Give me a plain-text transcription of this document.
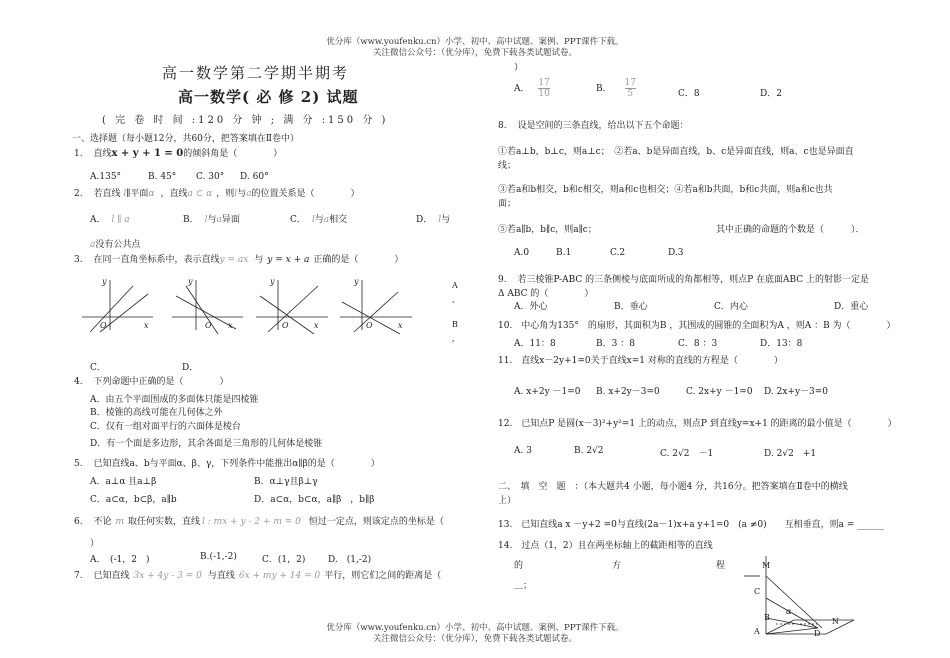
优分库（www.youfenku.cn）小学、初中、高中试题、案例、PPT课件下载。
关注微信公众号：（优分库），免费下载各类试题试卷。
优分库（www.youfenku.cn）小学、初中、高中试题、案例、PPT课件下载。
关注微信公众号：（优分库），免费下载各类试题试卷。
高一数学第二学期半期考
高一数学( 必 修 2) 试题
( 完 卷 时 间 :120 分 钟 ; 满 分 :150 分 )
一、选择题（每小题12分，共60分，把答案填在Ⅱ卷中）
1. 直线x + y + 1 = 0的倾斜角是（　　　　）
A.135°	B. 45° C. 30° D. 60°
2. 若直线 l∥平面α ，直线a ⊂ α ，则l与a的位置关系是（　　　　）
A． l ∥ a	B． l与a异面	C． l与a相交	D． l与
a没有公共点
3. 在同一直角坐标系中，表示直线y = ax 与 y = x + a 正确的是（　　　　）
y
x
O
y
x
O
y
x
O
y
x
O
A
,
B
,
C．	D．
4. 下列命题中正确的是（　　　　）
A．由五个平面围成的多面体只能是四棱锥
B．棱锥的高线可能在几何体之外
C．仅有一组对面平行的六面体是棱台
D．有一个面是多边形，其余各面是三角形的几何体是棱锥
5. 已知直线a、b与平面α、β、γ，下列条件中能推出α∥β的是（　　　　）
A．a⊥α 且a⊥β	B．α⊥γ且β⊥γ
C．a⊂α，b⊂β，a∥b	D．a⊂α，b⊂α，a∥β　，b∥β
6. 不论 m 取任何实数，直线 l : mx + y - 2 + m = 0 恒过一定点，则该定点的坐标是（
）
A．　(-1，2　)	B.(-1,-2)	C．(1，2)	D.　(1,-2)
7. 已知直线 3x + 4y - 3 = 0 与直线 6x + my + 14 = 0 平行，则它们之间的距离是（
）
A． $\frac{17}{10}$	B． $\frac{17}{5}$	C．8	D．2
8. 设是空间的三条直线，给出以下五个命题：
①若a⊥b，b⊥c，则a⊥c；　②若a、b是异面直线，b、c是异面直线，则a、c也是异面直
线；
③若a和b相交，b和c相交，则a和c也相交；④若a和b共面，b和c共面，则a和c也共
面；
⑤若a∥b，b∥c，则a∥c；	其中正确的命题的个数是（　　　）．
A.0	B.1	C.2	D.3
9. 若三棱锥P-ABC 的三条侧棱与底面所成的角都相等，则点P 在底面ABC 上的射影一定是
Δ ABC 的（　　　　）
A．外心	B．垂心	C．内心	D．重心
10. 中心角为135°　的扇形，其面积为B ，其围成的圆锥的全面积为A ，则A ：B 为（　　　　）
A．11：8	B．3 ：8	C．8 ：3	D．13：8
11. 直线x－2y+1=0关于直线x=1 对称的直线的方程是（　　　　）
A. x+2y －1=0 B. x+2y－3=0	C. 2x+y －1=0 D. 2x+y－3=0
12. 已知点P 是圆(x－3)²+y²=1 上的动点，则点P 到直线y=x+1 的距离的最小值是（　　　　）
A. 3	B. 2√2	C. 2√2　－1	D. 2√2　+1
二、　填　空　题　：（本大题共4 小题，每小题4 分，共16分。把答案填在Ⅱ卷中的横线
上）
13. 已知直线a x －y+2 =0与直线(2a－1)x+a y+1=0　(a ≠0)　　互相垂直，则a = ______
14. 过点（1，2）且在两坐标轴上的截距相等的直线
的	方	程
＿；
M
C
B
A	D
N
α
